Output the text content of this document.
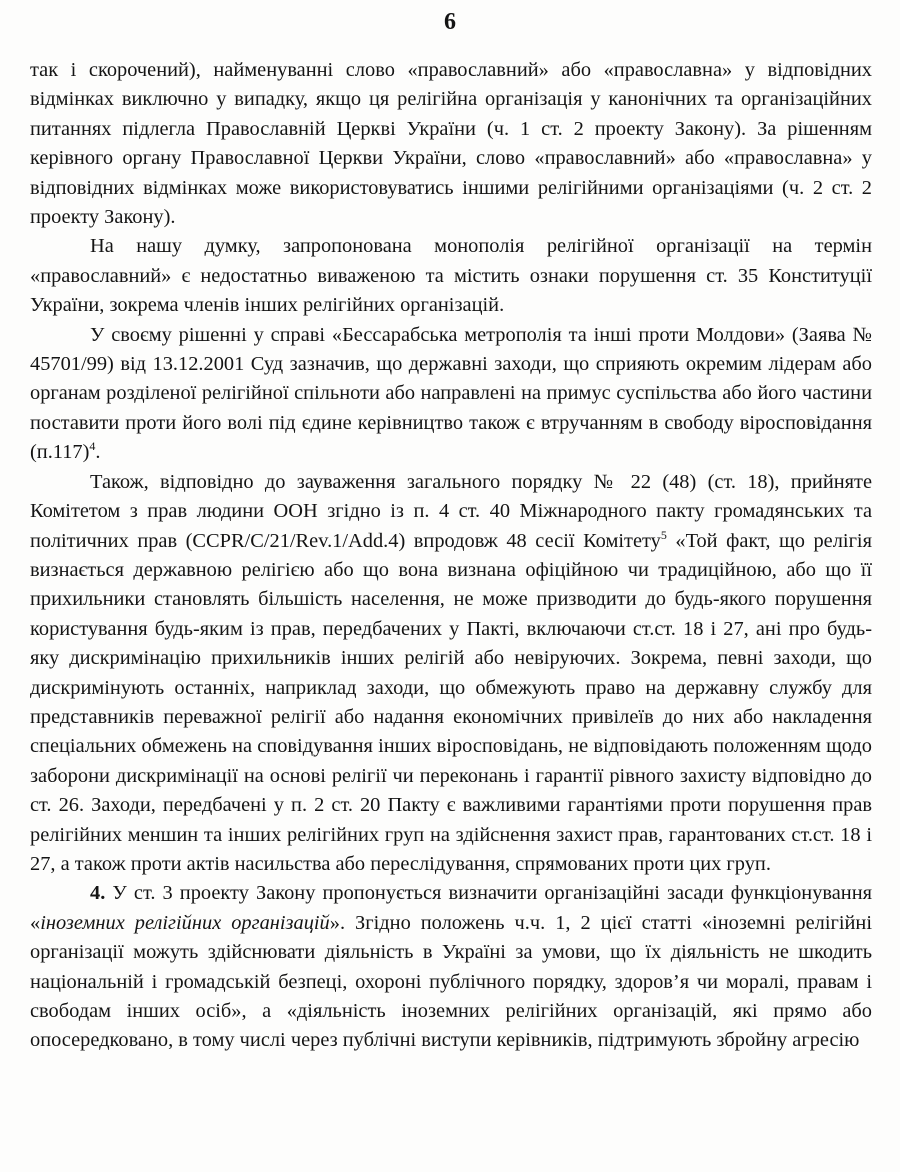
6

так і скорочений), найменуванні слово «православний» або «православна» у відповідних відмінках виключно у випадку, якщо ця релігійна організація у канонічних та організаційних питаннях підлегла Православній Церкві України (ч. 1 ст. 2 проекту Закону). За рішенням керівного органу Православної Церкви України, слово «православний» або «православна» у відповідних відмінках може використовуватись іншими релігійними організаціями (ч. 2 ст. 2 проекту Закону).

На нашу думку, запропонована монополія релігійної організації на термін «православний» є недостатньо виваженою та містить ознаки порушення ст. 35 Конституції України, зокрема членів інших релігійних організацій.

У своєму рішенні у справі «Бессарабська метрополія та інші проти Молдови» (Заява № 45701/99) від 13.12.2001 Суд зазначив, що державні заходи, що сприяють окремим лідерам або органам розділеної релігійної спільноти або направлені на примус суспільства або його частини поставити проти його волі під єдине керівництво також є втручанням в свободу віросповідання (п.117)$^4$.

Також, відповідно до зауваження загального порядку № 22 (48) (ст. 18), прийняте Комітетом з прав людини ООН згідно із п. 4 ст. 40 Міжнародного пакту громадянських та політичних прав (CCPR/C/21/Rev.1/Add.4) впродовж 48 сесії Комітету$^5$ «Той факт, що релігія визнається державною релігією або що вона визнана офіційною чи традиційною, або що її прихильники становлять більшість населення, не може призводити до будь-якого порушення користування будь-яким із прав, передбачених у Пакті, включаючи ст.ст. 18 і 27, ані про будь-яку дискримінацію прихильників інших релігій або невіруючих. Зокрема, певні заходи, що дискримінують останніх, наприклад заходи, що обмежують право на державну службу для представників переважної релігії або надання економічних привілеїв до них або накладення спеціальних обмежень на сповідування інших віросповідань, не відповідають положенням щодо заборони дискримінації на основі релігії чи переконань і гарантії рівного захисту відповідно до ст. 26. Заходи, передбачені у п. 2 ст. 20 Пакту є важливими гарантіями проти порушення прав релігійних меншин та інших релігійних груп на здійснення захист прав, гарантованих ст.ст. 18 і 27, а також проти актів насильства або переслідування, спрямованих проти цих груп.

4. У ст. 3 проекту Закону пропонується визначити організаційні засади функціонування «іноземних релігійних організацій». Згідно положень ч.ч. 1, 2 цієї статті «іноземні релігійні організації можуть здійснювати діяльність в Україні за умови, що їх діяльність не шкодить національній і громадській безпеці, охороні публічного порядку, здоров’я чи моралі, правам і свободам інших осіб», а «діяльність іноземних релігійних організацій, які прямо або опосередковано, в тому числі через публічні виступи керівників, підтримують збройну агресію
